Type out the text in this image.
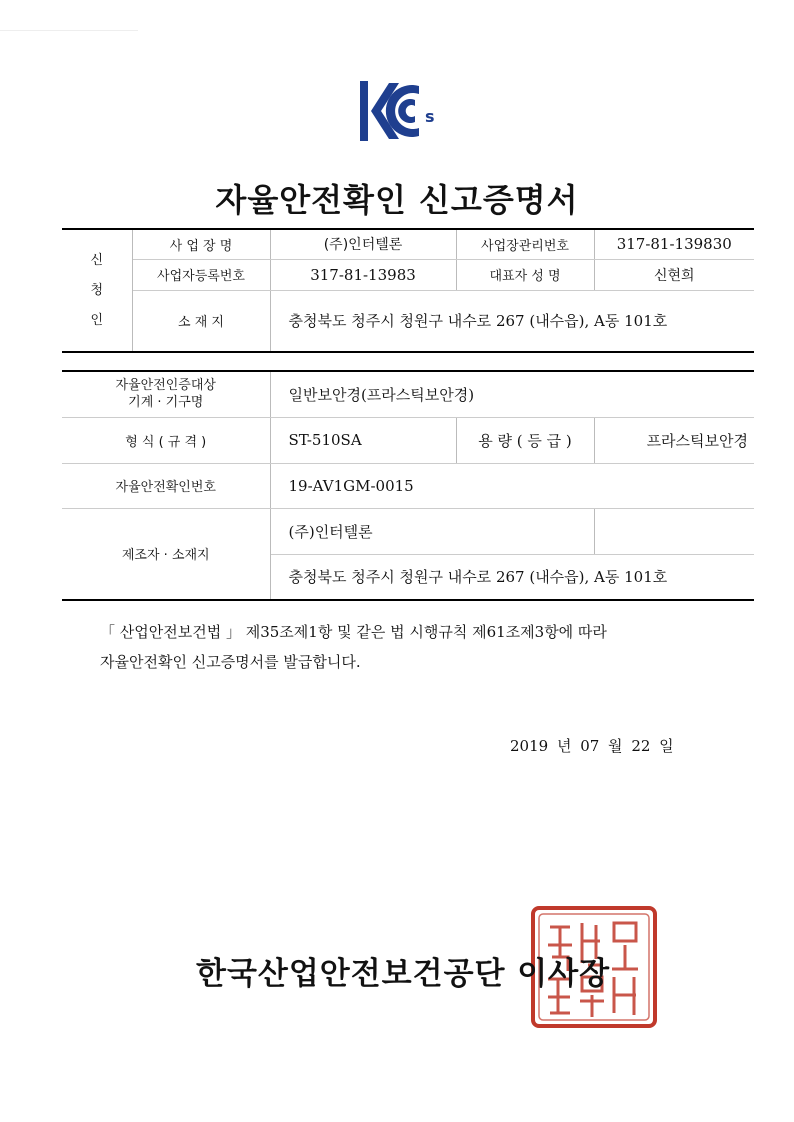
s
자율안전확인 신고증명서
신
청
인	사 업 장 명	(주)인터텔론	사업장관리번호	317-81-139830
	사업자등록번호	317-81-13983	대표자 성 명	신현희
	소 재 지	충청북도 청주시 청원구 내수로 267 (내수읍), A동 101호		
자율안전인증대상
기계 · 기구명	일반보안경(프라스틱보안경)		
형 식 ( 규 격 )	ST-510SA	용 량 ( 등 급 )	프라스틱보안경
자율안전확인번호	19-AV1GM-0015		
제조자 · 소재지	(주)인터텔론		
	충청북도 청주시 청원구 내수로 267 (내수읍), A동 101호		
「 산업안전보건법 」 제35조제1항 및 같은 법 시행규칙 제61조제3항에 따라
자율안전확인 신고증명서를 발급합니다.
2019 년 07 월 22 일
한국산업안전보건공단 이사장
